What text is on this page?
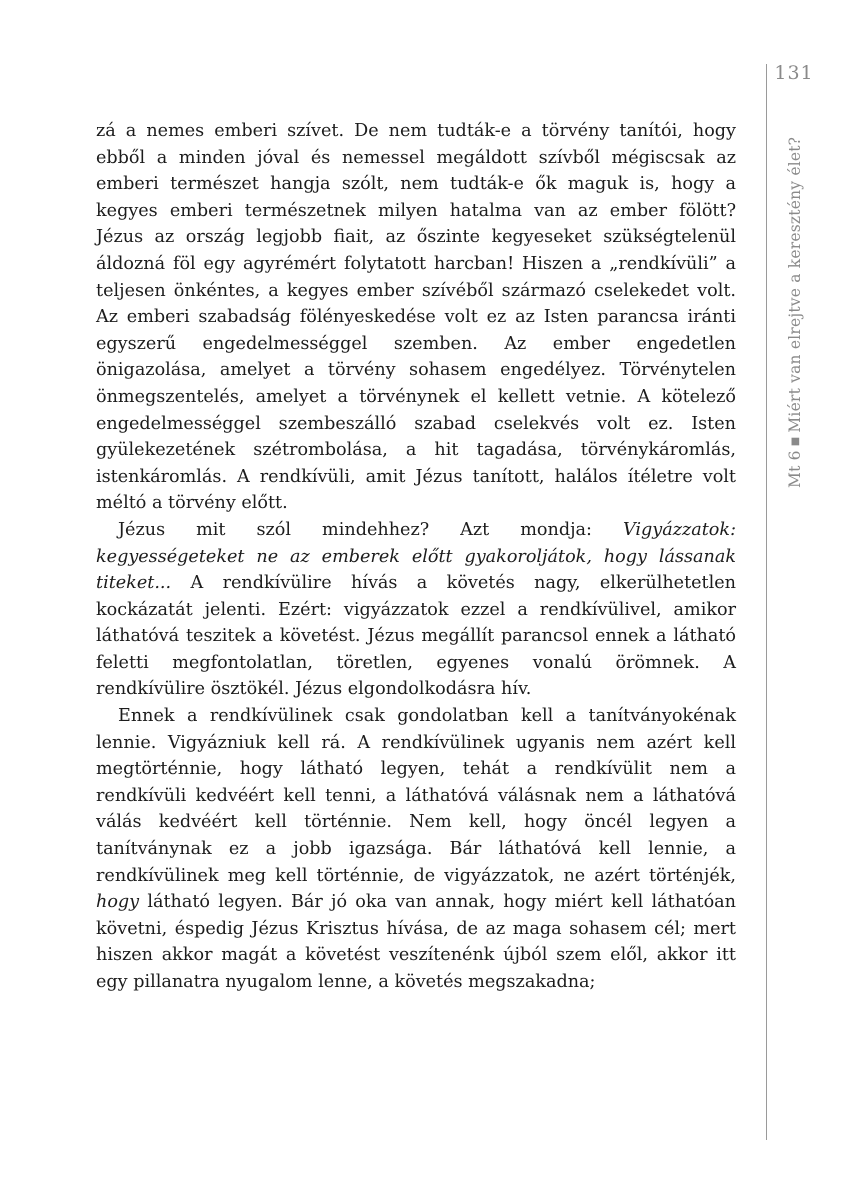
131
Mt 6■Miért van elrejtve a keresztény élet?

zá a nemes emberi szívet. De nem tudták-e a törvény tanítói, hogy ebből a minden jóval és nemessel megáldott szívből mégiscsak az emberi természet hangja szólt, nem tudták-e ők maguk is, hogy a kegyes emberi természetnek milyen hatalma van az ember fölött? Jézus az ország legjobb fiait, az őszinte kegyeseket szükségtelenül áldozná föl egy agyrémért folytatott harcban! Hiszen a „rendkívüli” a teljesen önkéntes, a kegyes ember szívéből származó cselekedet volt. Az emberi szabadság fölényeskedése volt ez az Isten parancsa iránti egyszerű engedelmességgel szemben. Az ember engedetlen önigazolása, amelyet a törvény sohasem engedélyez. Törvénytelen önmegszentelés, amelyet a törvénynek el kellett vetnie. A kötelező engedelmességgel szembeszálló szabad cselekvés volt ez. Isten gyülekezetének szétrombolása, a hit tagadása, törvénykáromlás, istenkáromlás. A rendkívüli, amit Jézus tanított, halálos ítéletre volt méltó a törvény előtt.

Jézus mit szól mindehhez? Azt mondja: Vigyázzatok: kegyességeteket ne az emberek előtt gyakoroljátok, hogy lássanak titeket... A rendkívülire hívás a követés nagy, elkerülhetetlen kockázatát jelenti. Ezért: vigyázzatok ezzel a rendkívülivel, amikor láthatóvá teszitek a követést. Jézus megállít parancsol ennek a látható feletti megfontolatlan, töretlen, egyenes vonalú örömnek. A rendkívülire ösztökél. Jézus elgondolkodásra hív.

Ennek a rendkívülinek csak gondolatban kell a tanítványokénak lennie. Vigyázniuk kell rá. A rendkívülinek ugyanis nem azért kell megtörténnie, hogy látható legyen, tehát a rendkívülit nem a rendkívüli kedvéért kell tenni, a láthatóvá válásnak nem a láthatóvá válás kedvéért kell történnie. Nem kell, hogy öncél legyen a tanítványnak ez a jobb igazsága. Bár láthatóvá kell lennie, a rendkívülinek meg kell történnie, de vigyázzatok, ne azért történjék, hogy látható legyen. Bár jó oka van annak, hogy miért kell láthatóan követni, éspedig Jézus Krisztus hívása, de az maga sohasem cél; mert hiszen akkor magát a követést veszítenénk újból szem elől, akkor itt egy pillanatra nyugalom lenne, a követés megszakadna;
